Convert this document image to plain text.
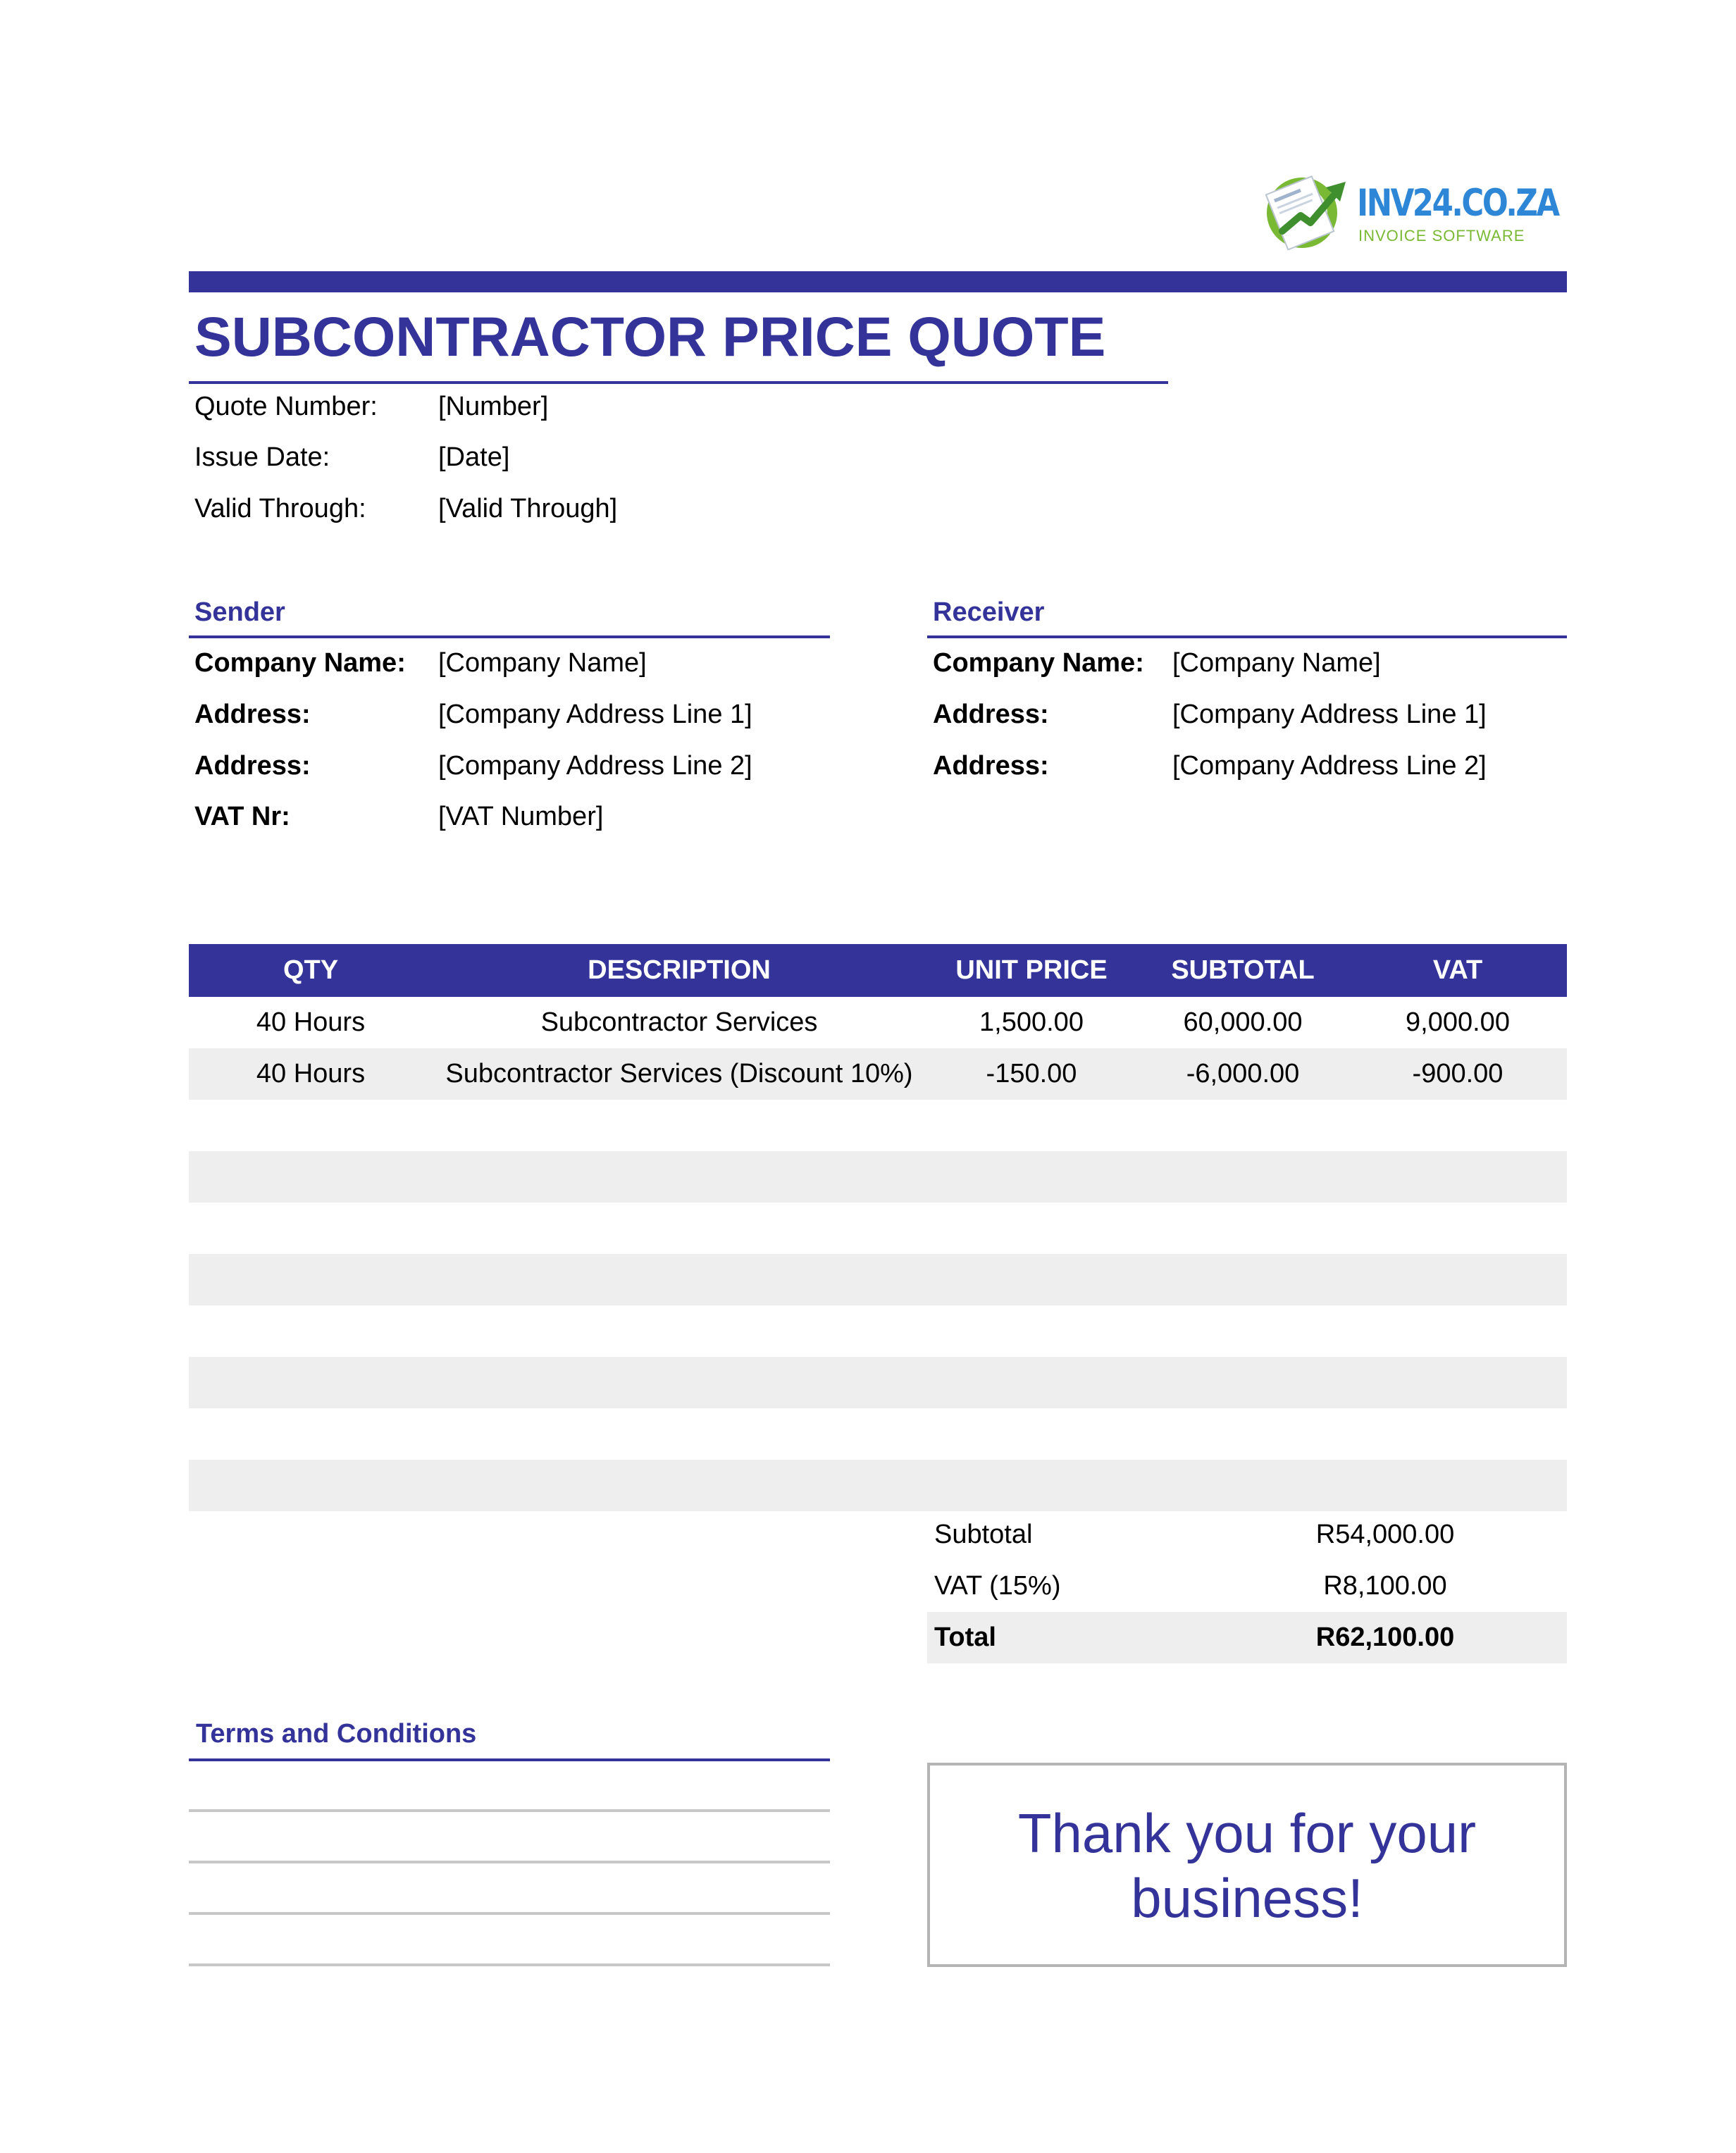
INV24.CO.ZA
INVOICE SOFTWARE
SUBCONTRACTOR PRICE QUOTE
Quote Number: [Number]
Issue Date:	[Date]
Valid Through:	[Valid Through]
Sender
Company Name: [Company Name]
Address:	[Company Address Line 1]
Address:	[Company Address Line 2]
VAT Nr:	[VAT Number]
Receiver
Company Name: [Company Name]
Address:	[Company Address Line 1]
Address:	[Company Address Line 2]
QTY	DESCRIPTION	UNIT PRICE	SUBTOTAL	VAT
40 Hours	Subcontractor Services	1,500.00	60,000.00	9,000.00
40 Hours	Subcontractor Services (Discount 10%)	-150.00	-6,000.00	-900.00
Subtotal	R54,000.00
VAT (15%)	R8,100.00
Total	R62,100.00
Terms and Conditions
Thank you for your
business!
